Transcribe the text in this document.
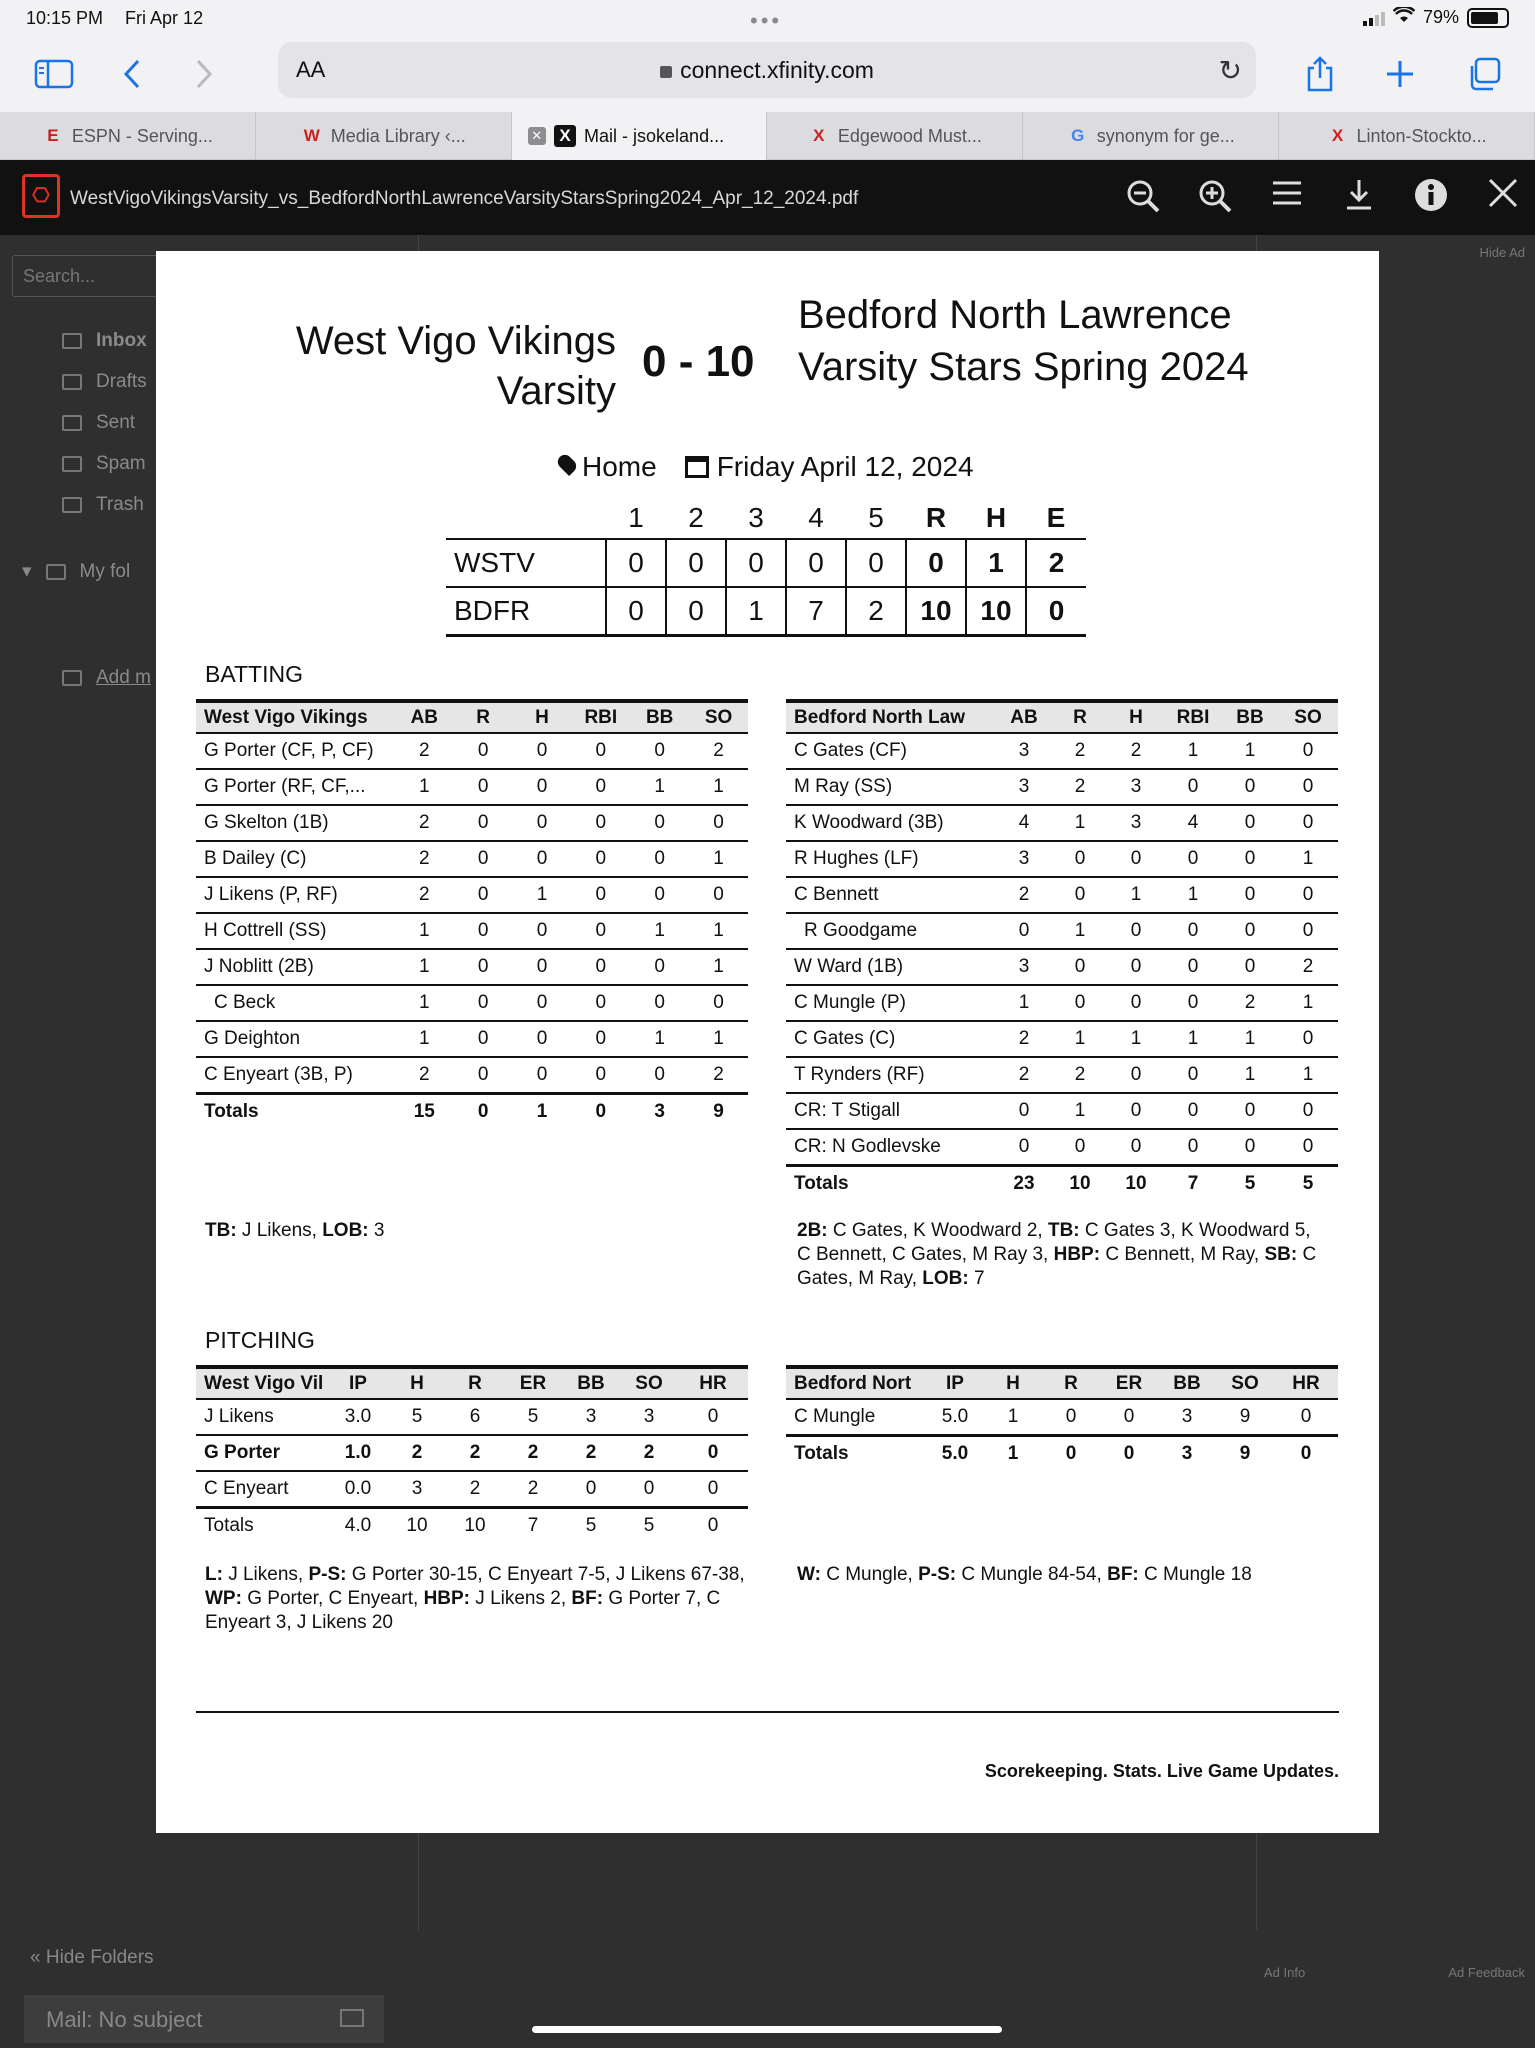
10:15 PM Fri Apr 12	•••	79%
AA	connect.xfinity.com	↻
E ESPN - Serving...	W Media Library ‹...	✕	X Mail - jsokeland...	X Edgewood Must...	G synonym for ge...	X Linton-Stockto...
Search...
Inbox
Drafts
Sent
Spam
Trash
▾	My fol
Add m
Hide Ad
Ad Info	Ad Feedback
« Hide Folders
Mail: No subject
⎔	WestVigoVikingsVarsity_vs_BedfordNorthLawrenceVarsityStarsSpring2024_Apr_12_2024.pdf
West Vigo Vikings Varsity
0 - 10
Bedford North Lawrence Varsity Stars Spring 2024
Home	Friday April 12, 2024
	1	2	3	4	5	R	H	E
WSTV	0	0	0	0	0	0	1	2
BDFR	0	0	1	7	2	10	10	0
BATTING
West Vigo Vikings	AB	R	H	RBI	BB	SO
G Porter (CF, P, CF)	2	0	0	0	0	2
G Porter (RF, CF,...	1	0	0	0	1	1
G Skelton (1B)	2	0	0	0	0	0
B Dailey (C)	2	0	0	0	0	1
J Likens (P, RF)	2	0	1	0	0	0
H Cottrell (SS)	1	0	0	0	1	1
J Noblitt (2B)	1	0	0	0	0	1
C Beck	1	0	0	0	0	0
G Deighton	1	0	0	0	1	1
C Enyeart (3B, P)	2	0	0	0	0	2
Totals	15	0	1	0	3	9
Bedford North Law	AB	R	H	RBI	BB	SO
C Gates (CF)	3	2	2	1	1	0
M Ray (SS)	3	2	3	0	0	0
K Woodward (3B)	4	1	3	4	0	0
R Hughes (LF)	3	0	0	0	0	1
C Bennett	2	0	1	1	0	0
R Goodgame	0	1	0	0	0	0
W Ward (1B)	3	0	0	0	0	2
C Mungle (P)	1	0	0	0	2	1
C Gates (C)	2	1	1	1	1	0
T Rynders (RF)	2	2	0	0	1	1
CR: T Stigall	0	1	0	0	0	0
CR: N Godlevske	0	0	0	0	0	0
Totals	23	10	10	7	5	5
TB: J Likens, LOB: 3	2B: C Gates, K Woodward 2, TB: C Gates 3, K Woodward 5, C Bennett, C Gates, M Ray 3, HBP: C Bennett, M Ray, SB: C Gates, M Ray, LOB: 7
PITCHING
West Vigo Vil	IP	H	R	ER	BB	SO	HR
J Likens	3.0	5	6	5	3	3	0
G Porter	1.0	2	2	2	2	2	0
C Enyeart	0.0	3	2	2	0	0	0
Totals	4.0	10	10	7	5	5	0
Bedford Nort	IP	H	R	ER	BB	SO	HR
C Mungle	5.0	1	0	0	3	9	0
Totals	5.0	1	0	0	3	9	0
L: J Likens, P-S: G Porter 30-15, C Enyeart 7-5, J Likens 67-38, WP: G Porter, C Enyeart, HBP: J Likens 2, BF: G Porter 7, C Enyeart 3, J Likens 20
W: C Mungle, P-S: C Mungle 84-54, BF: C Mungle 18
Scorekeeping. Stats. Live Game Updates.
